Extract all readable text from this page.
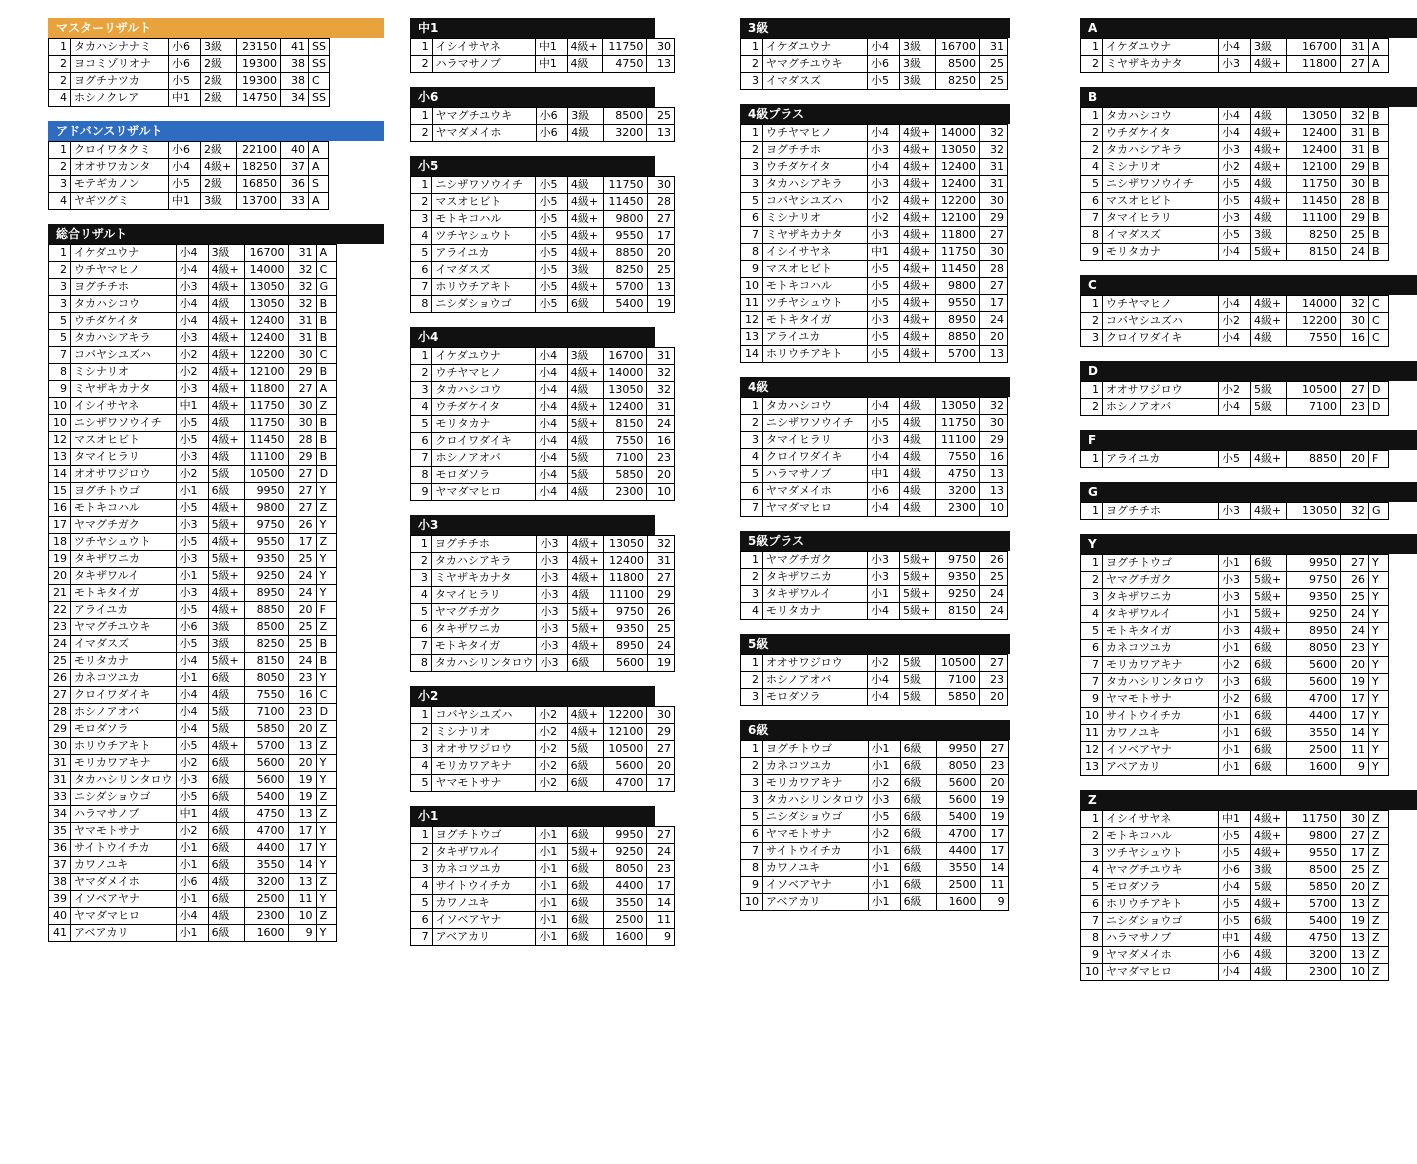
マスターリザルト
1	タカハシナナミ	小6	3級	23150	41	SS
2	ヨコミゾリオナ	小6	2級	19300	38	SS
2	ヨグチナツカ	小5	2級	19300	38	C
4	ホシノクレア	中1	2級	14750	34	SS
アドバンスリザルト
1	クロイワタクミ	小6	2級	22100	40	A
2	オオサワカンタ	小4	4級+	18250	37	A
3	モテギカノン	小5	2級	16850	36	S
4	ヤギツグミ	中1	3級	13700	33	A
総合リザルト
1	イケダユウナ	小4	3級	16700	31	A
2	ウチヤマヒノ	小4	4級+	14000	32	C
3	ヨグチチホ	小3	4級+	13050	32	G
3	タカハシコウ	小4	4級	13050	32	B
5	ウチダケイタ	小4	4級+	12400	31	B
5	タカハシアキラ	小3	4級+	12400	31	B
7	コバヤシユズハ	小2	4級+	12200	30	C
8	ミシナリオ	小2	4級+	12100	29	B
9	ミヤザキカナタ	小3	4級+	11800	27	A
10	イシイサヤネ	中1	4級+	11750	30	Z
10	ニシザワソウイチ	小5	4級	11750	30	B
12	マスオヒビト	小5	4級+	11450	28	B
13	タマイヒラリ	小3	4級	11100	29	B
14	オオサワジロウ	小2	5級	10500	27	D
15	ヨグチトウゴ	小1	6級	9950	27	Y
16	モトキコハル	小5	4級+	9800	27	Z
17	ヤマグチガク	小3	5級+	9750	26	Y
18	ツチヤシュウト	小5	4級+	9550	17	Z
19	タキザワニカ	小3	5級+	9350	25	Y
20	タキザワルイ	小1	5級+	9250	24	Y
21	モトキタイガ	小3	4級+	8950	24	Y
22	アライユカ	小5	4級+	8850	20	F
23	ヤマグチユウキ	小6	3級	8500	25	Z
24	イマダスズ	小5	3級	8250	25	B
25	モリタカナ	小4	5級+	8150	24	B
26	カネコツユカ	小1	6級	8050	23	Y
27	クロイワダイキ	小4	4級	7550	16	C
28	ホシノアオバ	小4	5級	7100	23	D
29	モロダソラ	小4	5級	5850	20	Z
30	ホリウチアキト	小5	4級+	5700	13	Z
31	モリカワアキナ	小2	6級	5600	20	Y
31	タカハシリンタロウ	小3	6級	5600	19	Y
33	ニシダショウゴ	小5	6級	5400	19	Z
34	ハラマサノブ	中1	4級	4750	13	Z
35	ヤマモトサナ	小2	6級	4700	17	Y
36	サイトウイチカ	小1	6級	4400	17	Y
37	カワノユキ	小1	6級	3550	14	Y
38	ヤマダメイホ	小6	4級	3200	13	Z
39	イソベアヤナ	小1	6級	2500	11	Y
40	ヤマダマヒロ	小4	4級	2300	10	Z
41	アベアカリ	小1	6級	1600	9	Y
中1
1	イシイサヤネ	中1	4級+	11750	30
2	ハラマサノブ	中1	4級	4750	13
小6
1	ヤマグチユウキ	小6	3級	8500	25
2	ヤマダメイホ	小6	4級	3200	13
小5
1	ニシザワソウイチ	小5	4級	11750	30
2	マスオヒビト	小5	4級+	11450	28
3	モトキコハル	小5	4級+	9800	27
4	ツチヤシュウト	小5	4級+	9550	17
5	アライユカ	小5	4級+	8850	20
6	イマダスズ	小5	3級	8250	25
7	ホリウチアキト	小5	4級+	5700	13
8	ニシダショウゴ	小5	6級	5400	19
小4
1	イケダユウナ	小4	3級	16700	31
2	ウチヤマヒノ	小4	4級+	14000	32
3	タカハシコウ	小4	4級	13050	32
4	ウチダケイタ	小4	4級+	12400	31
5	モリタカナ	小4	5級+	8150	24
6	クロイワダイキ	小4	4級	7550	16
7	ホシノアオバ	小4	5級	7100	23
8	モロダソラ	小4	5級	5850	20
9	ヤマダマヒロ	小4	4級	2300	10
小3
1	ヨグチチホ	小3	4級+	13050	32
2	タカハシアキラ	小3	4級+	12400	31
3	ミヤザキカナタ	小3	4級+	11800	27
4	タマイヒラリ	小3	4級	11100	29
5	ヤマグチガク	小3	5級+	9750	26
6	タキザワニカ	小3	5級+	9350	25
7	モトキタイガ	小3	4級+	8950	24
8	タカハシリンタロウ	小3	6級	5600	19
小2
1	コバヤシユズハ	小2	4級+	12200	30
2	ミシナリオ	小2	4級+	12100	29
3	オオサワジロウ	小2	5級	10500	27
4	モリカワアキナ	小2	6級	5600	20
5	ヤマモトサナ	小2	6級	4700	17
小1
1	ヨグチトウゴ	小1	6級	9950	27
2	タキザワルイ	小1	5級+	9250	24
3	カネコツユカ	小1	6級	8050	23
4	サイトウイチカ	小1	6級	4400	17
5	カワノユキ	小1	6級	3550	14
6	イソベアヤナ	小1	6級	2500	11
7	アベアカリ	小1	6級	1600	9
3級
1	イケダユウナ	小4	3級	16700	31
2	ヤマグチユウキ	小6	3級	8500	25
3	イマダスズ	小5	3級	8250	25
4級プラス
1	ウチヤマヒノ	小4	4級+	14000	32
2	ヨグチチホ	小3	4級+	13050	32
3	ウチダケイタ	小4	4級+	12400	31
3	タカハシアキラ	小3	4級+	12400	31
5	コバヤシユズハ	小2	4級+	12200	30
6	ミシナリオ	小2	4級+	12100	29
7	ミヤザキカナタ	小3	4級+	11800	27
8	イシイサヤネ	中1	4級+	11750	30
9	マスオヒビト	小5	4級+	11450	28
10	モトキコハル	小5	4級+	9800	27
11	ツチヤシュウト	小5	4級+	9550	17
12	モトキタイガ	小3	4級+	8950	24
13	アライユカ	小5	4級+	8850	20
14	ホリウチアキト	小5	4級+	5700	13
4級
1	タカハシコウ	小4	4級	13050	32
2	ニシザワソウイチ	小5	4級	11750	30
3	タマイヒラリ	小3	4級	11100	29
4	クロイワダイキ	小4	4級	7550	16
5	ハラマサノブ	中1	4級	4750	13
6	ヤマダメイホ	小6	4級	3200	13
7	ヤマダマヒロ	小4	4級	2300	10
5級プラス
1	ヤマグチガク	小3	5級+	9750	26
2	タキザワニカ	小3	5級+	9350	25
3	タキザワルイ	小1	5級+	9250	24
4	モリタカナ	小4	5級+	8150	24
5級
1	オオサワジロウ	小2	5級	10500	27
2	ホシノアオバ	小4	5級	7100	23
3	モロダソラ	小4	5級	5850	20
6級
1	ヨグチトウゴ	小1	6級	9950	27
2	カネコツユカ	小1	6級	8050	23
3	モリカワアキナ	小2	6級	5600	20
3	タカハシリンタロウ	小3	6級	5600	19
5	ニシダショウゴ	小5	6級	5400	19
6	ヤマモトサナ	小2	6級	4700	17
7	サイトウイチカ	小1	6級	4400	17
8	カワノユキ	小1	6級	3550	14
9	イソベアヤナ	小1	6級	2500	11
10	アベアカリ	小1	6級	1600	9
A
1	イケダユウナ	小4	3級	16700	31	A
2	ミヤザキカナタ	小3	4級+	11800	27	A
B
1	タカハシコウ	小4	4級	13050	32	B
2	ウチダケイタ	小4	4級+	12400	31	B
2	タカハシアキラ	小3	4級+	12400	31	B
4	ミシナリオ	小2	4級+	12100	29	B
5	ニシザワソウイチ	小5	4級	11750	30	B
6	マスオヒビト	小5	4級+	11450	28	B
7	タマイヒラリ	小3	4級	11100	29	B
8	イマダスズ	小5	3級	8250	25	B
9	モリタカナ	小4	5級+	8150	24	B
C
1	ウチヤマヒノ	小4	4級+	14000	32	C
2	コバヤシユズハ	小2	4級+	12200	30	C
3	クロイワダイキ	小4	4級	7550	16	C
D
1	オオサワジロウ	小2	5級	10500	27	D
2	ホシノアオバ	小4	5級	7100	23	D
F
1	アライユカ	小5	4級+	8850	20	F
G
1	ヨグチチホ	小3	4級+	13050	32	G
Y
1	ヨグチトウゴ	小1	6級	9950	27	Y
2	ヤマグチガク	小3	5級+	9750	26	Y
3	タキザワニカ	小3	5級+	9350	25	Y
4	タキザワルイ	小1	5級+	9250	24	Y
5	モトキタイガ	小3	4級+	8950	24	Y
6	カネコツユカ	小1	6級	8050	23	Y
7	モリカワアキナ	小2	6級	5600	20	Y
7	タカハシリンタロウ	小3	6級	5600	19	Y
9	ヤマモトサナ	小2	6級	4700	17	Y
10	サイトウイチカ	小1	6級	4400	17	Y
11	カワノユキ	小1	6級	3550	14	Y
12	イソベアヤナ	小1	6級	2500	11	Y
13	アベアカリ	小1	6級	1600	9	Y
Z
1	イシイサヤネ	中1	4級+	11750	30	Z
2	モトキコハル	小5	4級+	9800	27	Z
3	ツチヤシュウト	小5	4級+	9550	17	Z
4	ヤマグチユウキ	小6	3級	8500	25	Z
5	モロダソラ	小4	5級	5850	20	Z
6	ホリウチアキト	小5	4級+	5700	13	Z
7	ニシダショウゴ	小5	6級	5400	19	Z
8	ハラマサノブ	中1	4級	4750	13	Z
9	ヤマダメイホ	小6	4級	3200	13	Z
10	ヤマダマヒロ	小4	4級	2300	10	Z
